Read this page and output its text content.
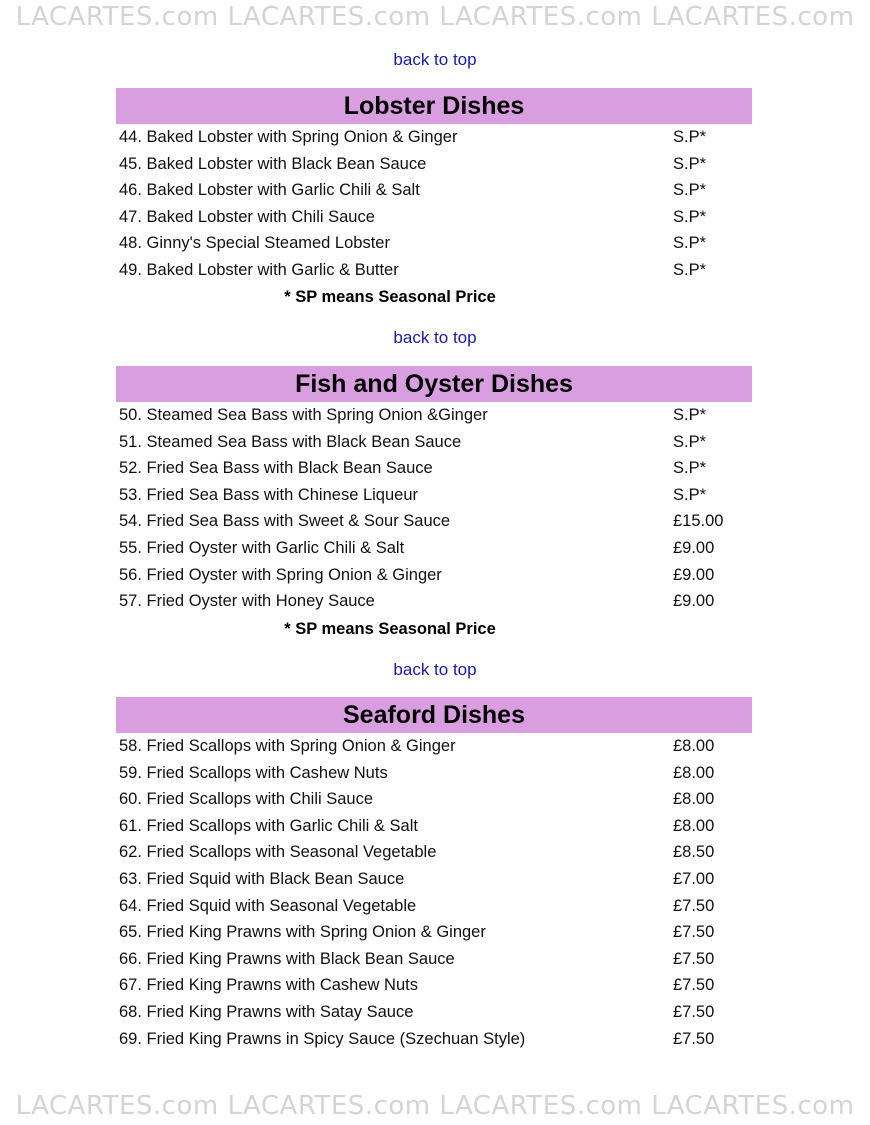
LACARTES.com LACARTES.com LACARTES.com LACARTES.com
back to top
Lobster Dishes
44. Baked Lobster with Spring Onion & Ginger	S.P*
45. Baked Lobster with Black Bean Sauce	S.P*
46. Baked Lobster with Garlic Chili & Salt	S.P*
47. Baked Lobster with Chili Sauce	S.P*
48. Ginny's Special Steamed Lobster	S.P*
49. Baked Lobster with Garlic & Butter	S.P*
* SP means Seasonal Price
back to top
Fish and Oyster Dishes
50. Steamed Sea Bass with Spring Onion &Ginger	S.P*
51. Steamed Sea Bass with Black Bean Sauce	S.P*
52. Fried Sea Bass with Black Bean Sauce	S.P*
53. Fried Sea Bass with Chinese Liqueur	S.P*
54. Fried Sea Bass with Sweet & Sour Sauce	£15.00
55. Fried Oyster with Garlic Chili & Salt	£9.00
56. Fried Oyster with Spring Onion & Ginger	£9.00
57. Fried Oyster with Honey Sauce	£9.00
* SP means Seasonal Price
back to top
Seaford Dishes
58. Fried Scallops with Spring Onion & Ginger	£8.00
59. Fried Scallops with Cashew Nuts	£8.00
60. Fried Scallops with Chili Sauce	£8.00
61. Fried Scallops with Garlic Chili & Salt	£8.00
62. Fried Scallops with Seasonal Vegetable	£8.50
63. Fried Squid with Black Bean Sauce	£7.00
64. Fried Squid with Seasonal Vegetable	£7.50
65. Fried King Prawns with Spring Onion & Ginger	£7.50
66. Fried King Prawns with Black Bean Sauce	£7.50
67. Fried King Prawns with Cashew Nuts	£7.50
68. Fried King Prawns with Satay Sauce	£7.50
69. Fried King Prawns in Spicy Sauce (Szechuan Style)	£7.50
LACARTES.com LACARTES.com LACARTES.com LACARTES.com
